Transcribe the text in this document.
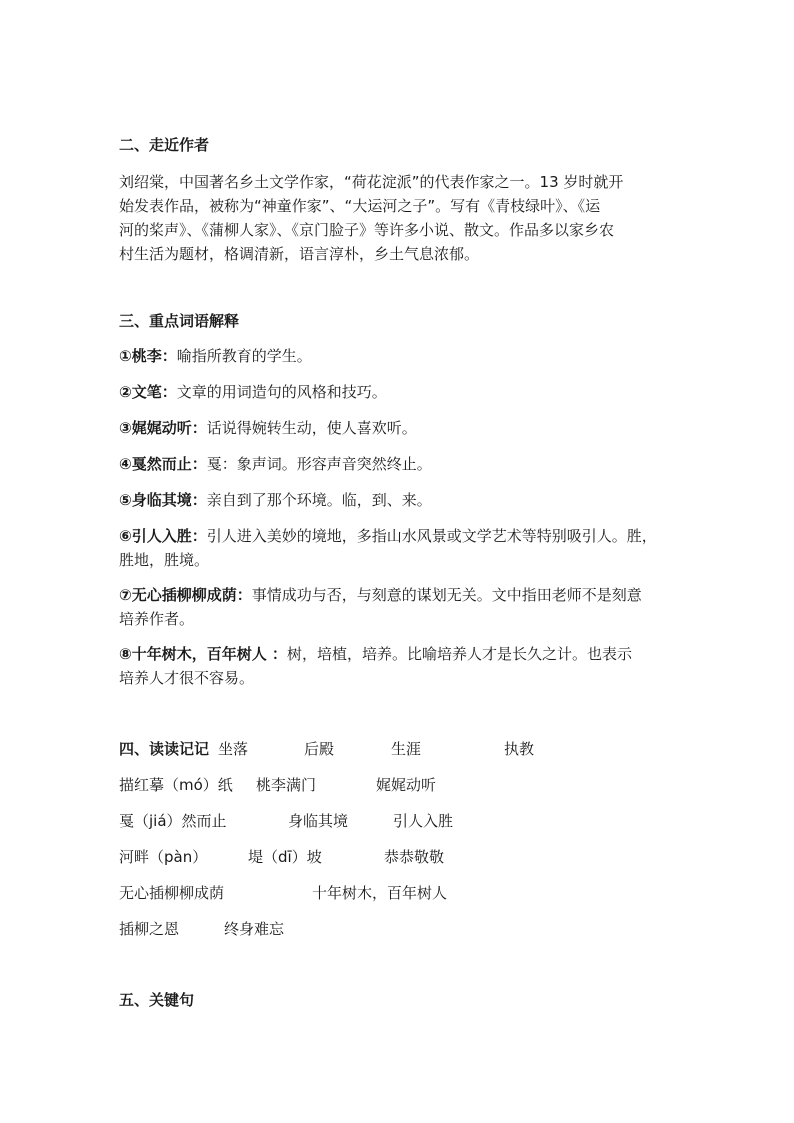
二、走近作者
刘绍棠，中国著名乡土文学作家，“荷花淀派”的代表作家之一。13 岁时就开
始发表作品，被称为“神童作家”、“大运河之子”。写有《青枝绿叶》、《运
河的桨声》、《蒲柳人家》、《京门脸子》等许多小说、散文。作品多以家乡农
村生活为题材，格调清新，语言淳朴，乡土气息浓郁。
三、重点词语解释
①桃李：喻指所教育的学生。
②文笔：文章的用词造句的风格和技巧。
③娓娓动听：话说得婉转生动，使人喜欢听。
④戛然而止：戛：象声词。形容声音突然终止。
⑤身临其境：亲自到了那个环境。临，到、来。
⑥引人入胜：引人进入美妙的境地，多指山水风景或文学艺术等特别吸引人。胜，
胜地，胜境。
⑦无心插柳柳成荫：事情成功与否，与刻意的谋划无关。文中指田老师不是刻意
培养作者。
⑧十年树木，百年树人 ：树，培植，培养。比喻培养人才是长久之计。也表示
培养人才很不容易。
四、读读记记 坐落	后殿	生涯	执教
描红摹（mó）纸 桃李满门	娓娓动听
戛（jiá）然而止	身临其境	引人入胜
河畔（pàn）	堤（dī）坡	恭恭敬敬
无心插柳柳成荫	十年树木，百年树人
插柳之恩	终身难忘
五、关键句
